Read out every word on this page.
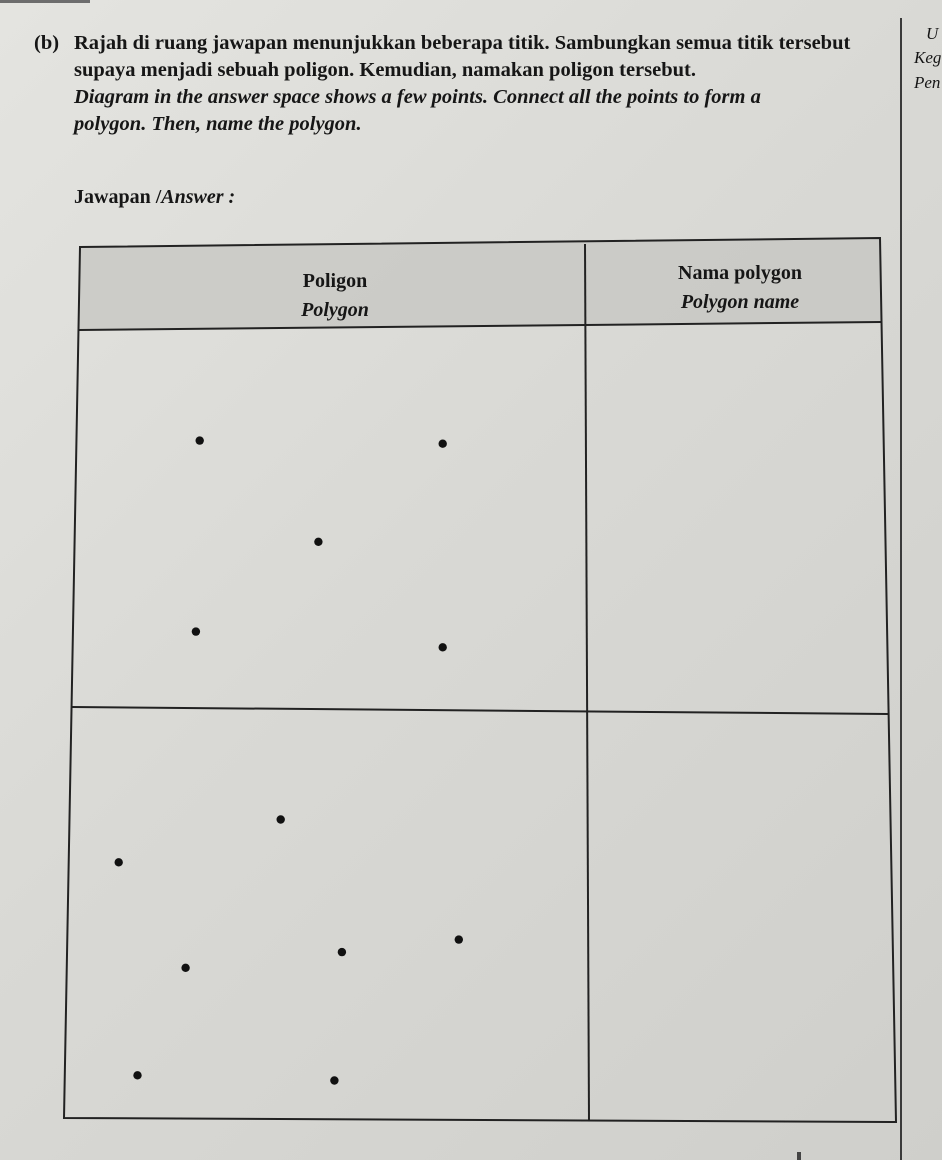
U
Keg
Pen
(b) Rajah di ruang jawapan menunjukkan beberapa titik. Sambungkan semua titik tersebut
supaya menjadi sebuah poligon. Kemudian, namakan poligon tersebut.
Diagram in the answer space shows a few points. Connect all the points to form a
polygon. Then, name the polygon.
Jawapan /Answer :
Poligon
Polygon
Nama polygon
Polygon name
